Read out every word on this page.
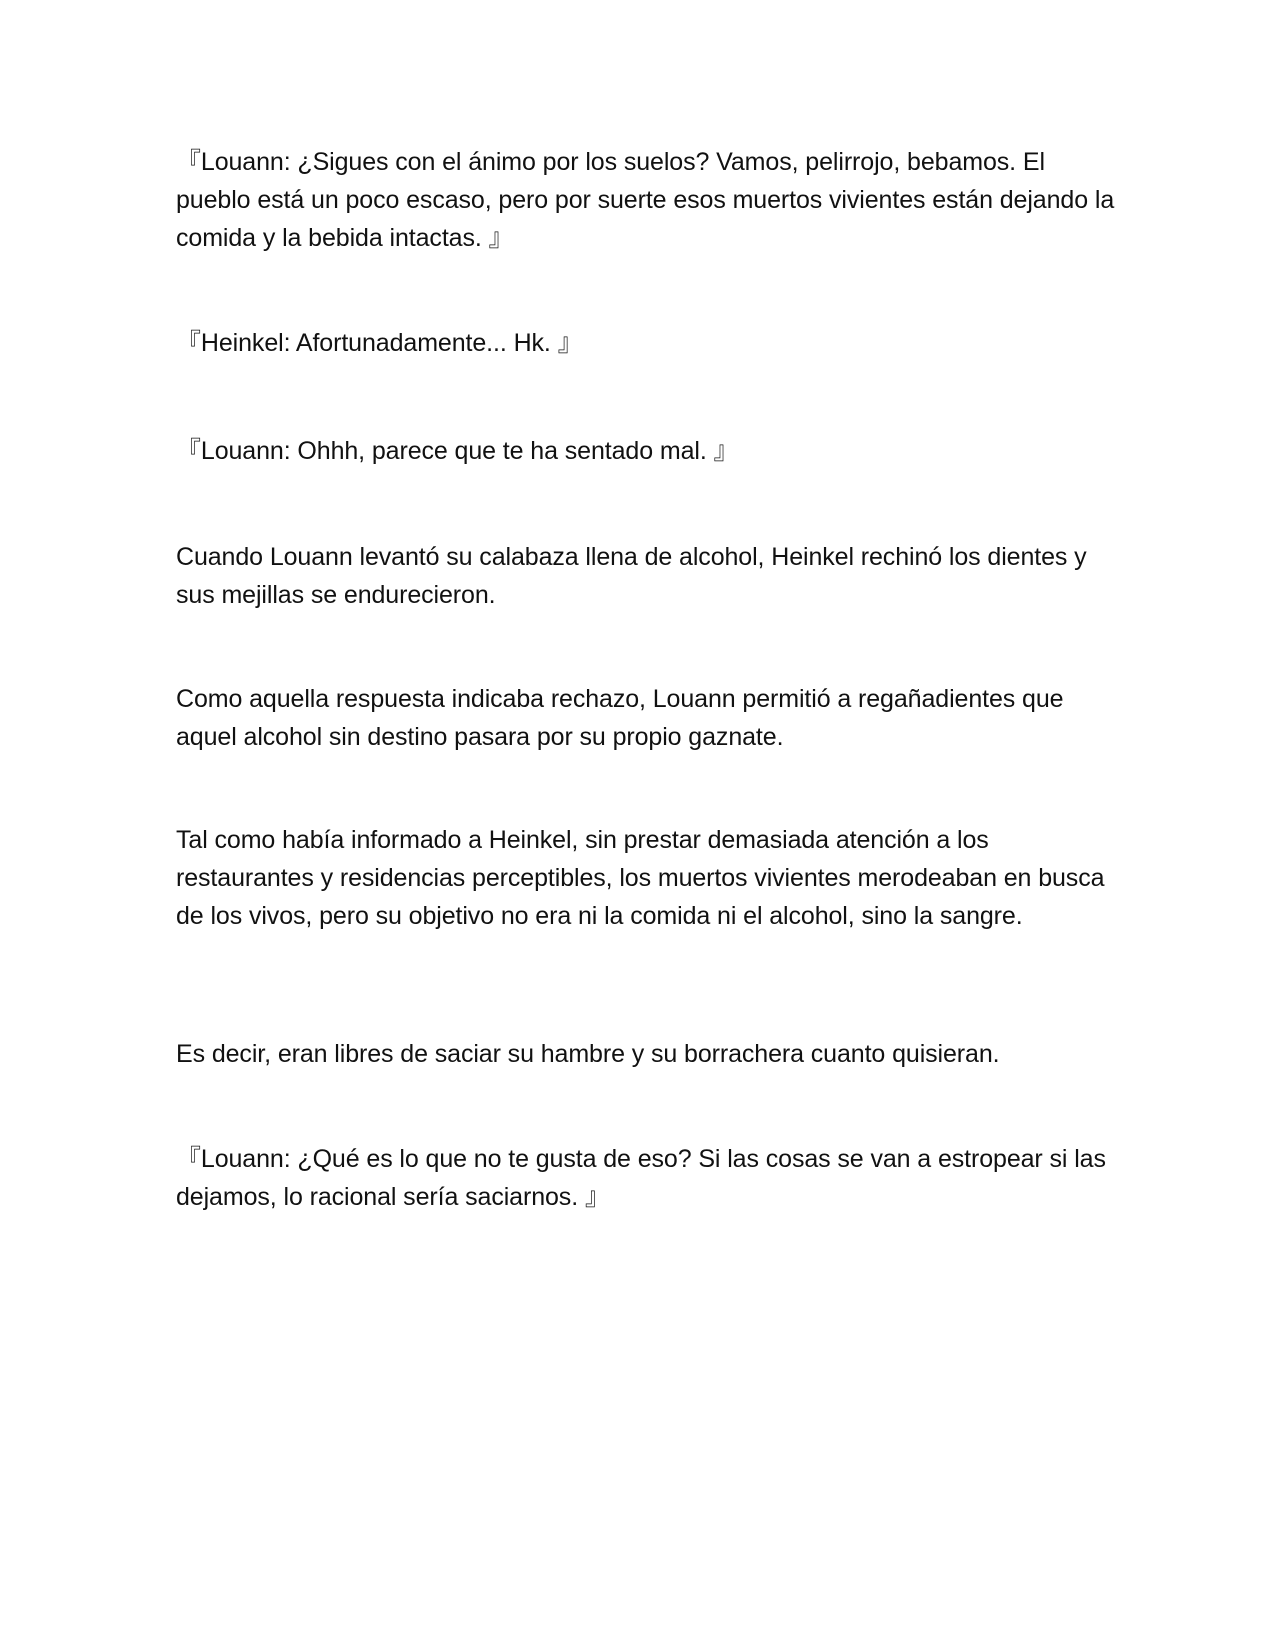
『Louann: ¿Sigues con el ánimo por los suelos? Vamos, pelirrojo, bebamos. El pueblo está un poco escaso, pero por suerte esos muertos vivientes están dejando la comida y la bebida intactas. 』

『Heinkel: Afortunadamente... Hk. 』

『Louann: Ohhh, parece que te ha sentado mal. 』

Cuando Louann levantó su calabaza llena de alcohol, Heinkel rechinó los dientes y sus mejillas se endurecieron.

Como aquella respuesta indicaba rechazo, Louann permitió a regañadientes que aquel alcohol sin destino pasara por su propio gaznate.

Tal como había informado a Heinkel, sin prestar demasiada atención a los restaurantes y residencias perceptibles, los muertos vivientes merodeaban en busca de los vivos, pero su objetivo no era ni la comida ni el alcohol, sino la sangre.

Es decir, eran libres de saciar su hambre y su borrachera cuanto quisieran.

『Louann: ¿Qué es lo que no te gusta de eso? Si las cosas se van a estropear si las dejamos, lo racional sería saciarnos. 』
